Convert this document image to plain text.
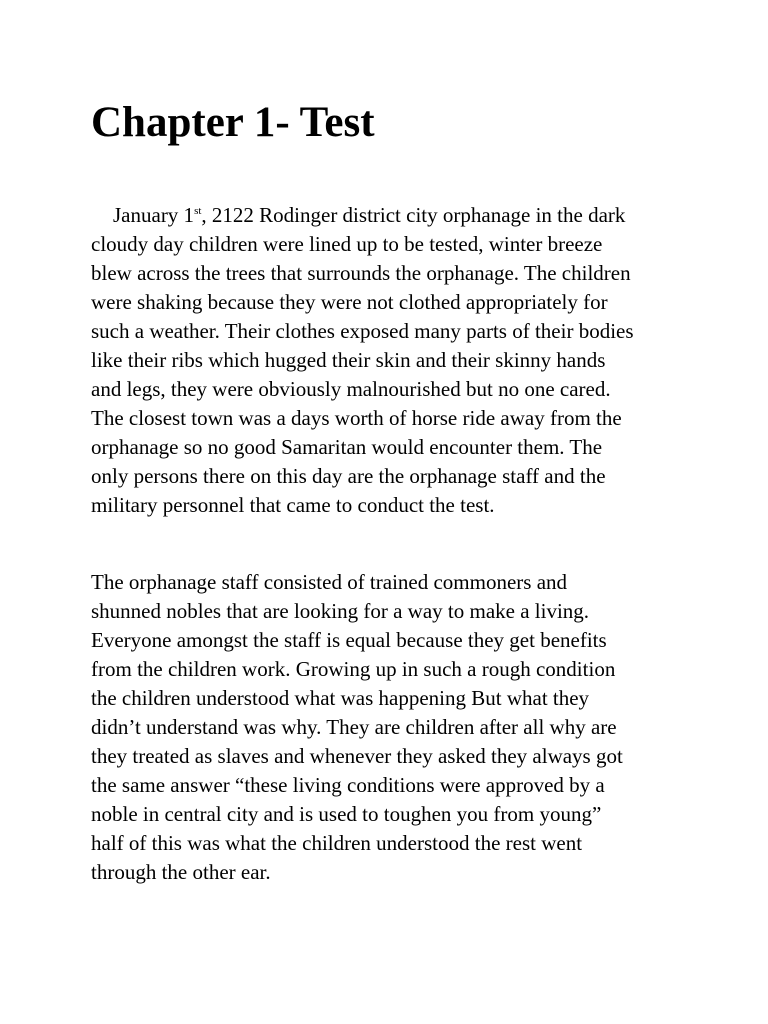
Chapter 1- Test

January 1st, 2122 Rodinger district city orphanage in the dark
cloudy day children were lined up to be tested, winter breeze
blew across the trees that surrounds the orphanage. The children
were shaking because they were not clothed appropriately for
such a weather. Their clothes exposed many parts of their bodies
like their ribs which hugged their skin and their skinny hands
and legs, they were obviously malnourished but no one cared.
The closest town was a days worth of horse ride away from the
orphanage so no good Samaritan would encounter them. The
only persons there on this day are the orphanage staff and the
military personnel that came to conduct the test.

The orphanage staff consisted of trained commoners and
shunned nobles that are looking for a way to make a living.
Everyone amongst the staff is equal because they get benefits
from the children work. Growing up in such a rough condition
the children understood what was happening But what they
didn’t understand was why. They are children after all why are
they treated as slaves and whenever they asked they always got
the same answer “these living conditions were approved by a
noble in central city and is used to toughen you from young”
half of this was what the children understood the rest went
through the other ear.
